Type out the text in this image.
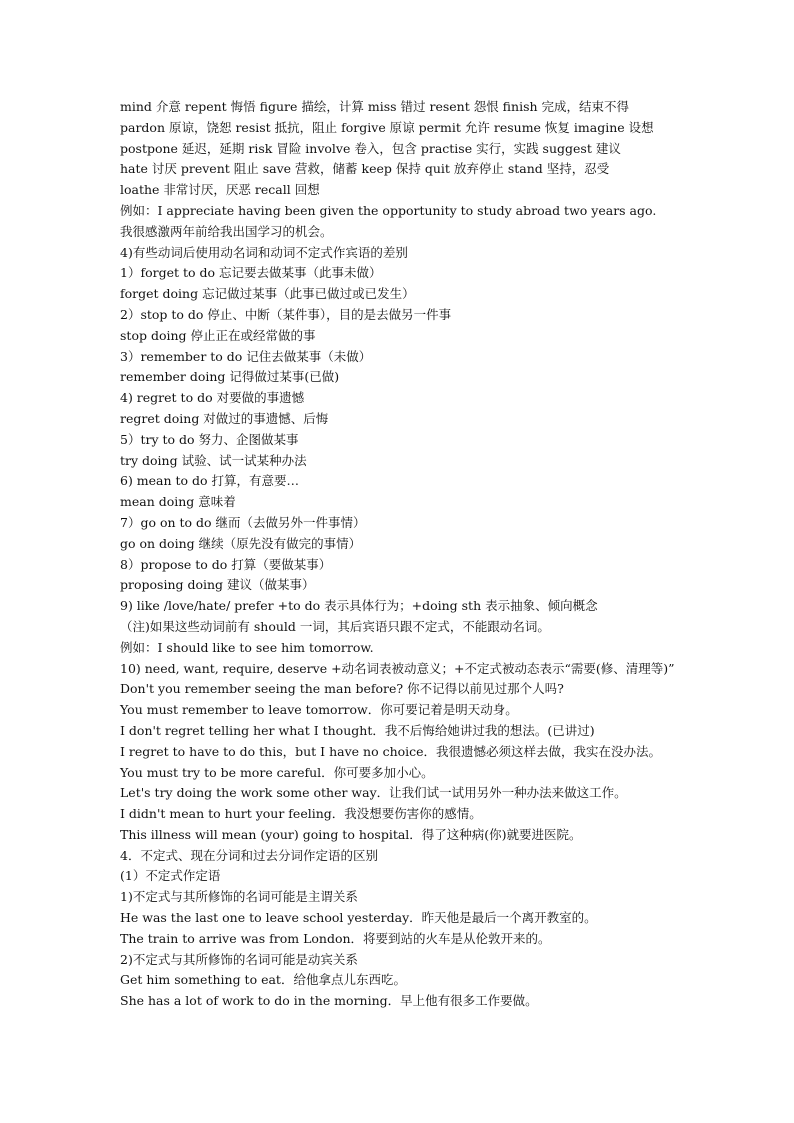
mind 介意 repent 悔悟 figure 描绘，计算 miss 错过 resent 怨恨 finish 完成，结束不得
pardon 原谅，饶恕 resist 抵抗，阻止 forgive 原谅 permit 允许 resume 恢复 imagine 设想
postpone 延迟，延期 risk 冒险 involve 卷入，包含 practise 实行，实践 suggest 建议
hate 讨厌 prevent 阻止 save 营救，储蓄 keep 保持 quit 放弃停止 stand 坚持，忍受
loathe 非常讨厌，厌恶 recall 回想
例如：I appreciate having been given the opportunity to study abroad two years ago.
我很感激两年前给我出国学习的机会。
4)有些动词后使用动名词和动词不定式作宾语的差别
1）forget to do 忘记要去做某事（此事未做）
forget doing 忘记做过某事（此事已做过或已发生）
2）stop to do 停止、中断（某件事），目的是去做另一件事
stop doing 停止正在或经常做的事
3）remember to do 记住去做某事（未做）
remember doing 记得做过某事(已做)
4) regret to do 对要做的事遗憾
regret doing 对做过的事遗憾、后悔
5）try to do 努力、企图做某事
try doing 试验、试一试某种办法
6) mean to do 打算，有意要…
mean doing 意味着
7）go on to do 继而（去做另外一件事情）
go on doing 继续（原先没有做完的事情）
8）propose to do 打算（要做某事）
proposing doing 建议（做某事）
9) like /love/hate/ prefer +to do 表示具体行为；+doing sth 表示抽象、倾向概念
（注)如果这些动词前有 should 一词，其后宾语只跟不定式，不能跟动名词。
例如：I should like to see him tomorrow.
10) need, want, require, deserve +动名词表被动意义；+不定式被动态表示“需要(修、清理等)”
Don't you remember seeing the man before? 你不记得以前见过那个人吗?
You must remember to leave tomorrow．你可要记着是明天动身。
I don't regret telling her what I thought．我不后悔给她讲过我的想法。(已讲过)
I regret to have to do this，but I have no choice．我很遗憾必须这样去做，我实在没办法。
You must try to be more careful．你可要多加小心。
Let's try doing the work some other way．让我们试一试用另外一种办法来做这工作。
I didn't mean to hurt your feeling．我没想要伤害你的感情。
This illness will mean (your) going to hospital．得了这种病(你)就要进医院。
4．不定式、现在分词和过去分词作定语的区别
(1）不定式作定语
1)不定式与其所修饰的名词可能是主谓关系
He was the last one to leave school yesterday．昨天他是最后一个离开教室的。
The train to arrive was from London．将要到站的火车是从伦敦开来的。
2)不定式与其所修饰的名词可能是动宾关系
Get him something to eat．给他拿点儿东西吃。
She has a lot of work to do in the morning．早上他有很多工作要做。
